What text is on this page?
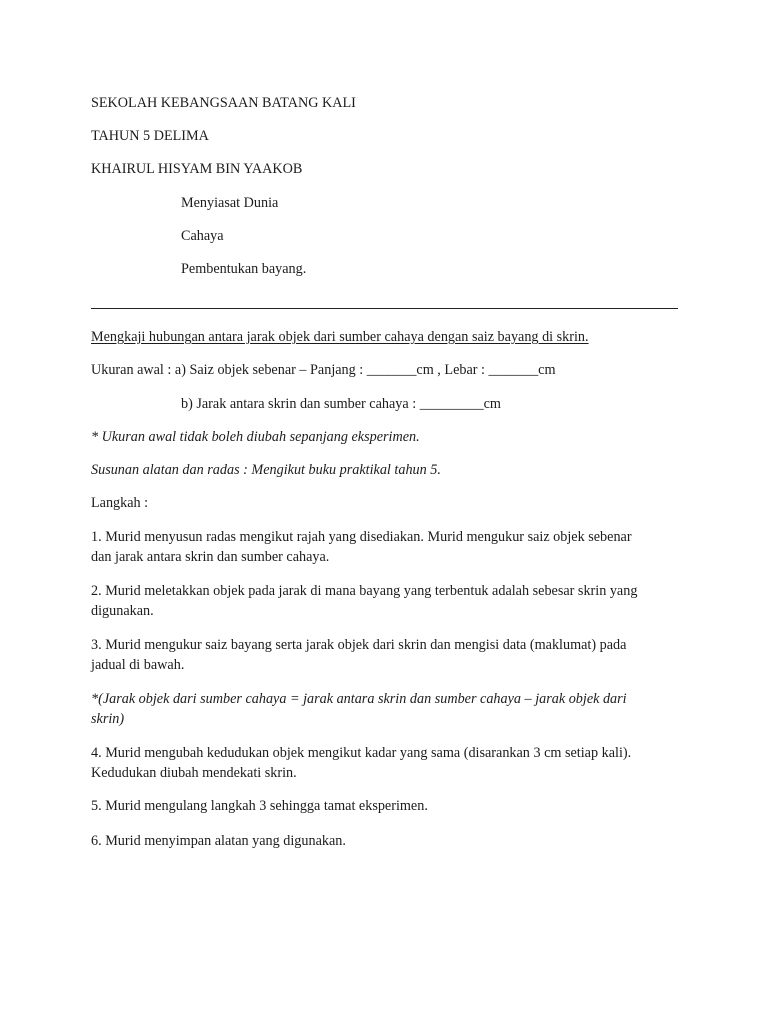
SEKOLAH KEBANGSAAN BATANG KALI

TAHUN 5 DELIMA

KHAIRUL HISYAM BIN YAAKOB

Menyiasat Dunia

Cahaya

Pembentukan bayang.

Mengkaji hubungan antara jarak objek dari sumber cahaya dengan saiz bayang di skrin.

Ukuran awal : a) Saiz objek sebenar – Panjang : _______cm , Lebar : _______cm

b) Jarak antara skrin dan sumber cahaya : _________cm

* Ukuran awal tidak boleh diubah sepanjang eksperimen.

Susunan alatan dan radas : Mengikut buku praktikal tahun 5.

Langkah :

1. Murid menyusun radas mengikut rajah yang disediakan. Murid mengukur saiz objek sebenar

dan jarak antara skrin dan sumber cahaya.

2. Murid meletakkan objek pada jarak di mana bayang yang terbentuk adalah sebesar skrin yang

digunakan.

3. Murid mengukur saiz bayang serta jarak objek dari skrin dan mengisi data (maklumat) pada

jadual di bawah.

*(Jarak objek dari sumber cahaya = jarak antara skrin dan sumber cahaya – jarak objek dari

skrin)

4. Murid mengubah kedudukan objek mengikut kadar yang sama (disarankan 3 cm setiap kali).

Kedudukan diubah mendekati skrin.

5. Murid mengulang langkah 3 sehingga tamat eksperimen.

6. Murid menyimpan alatan yang digunakan.
